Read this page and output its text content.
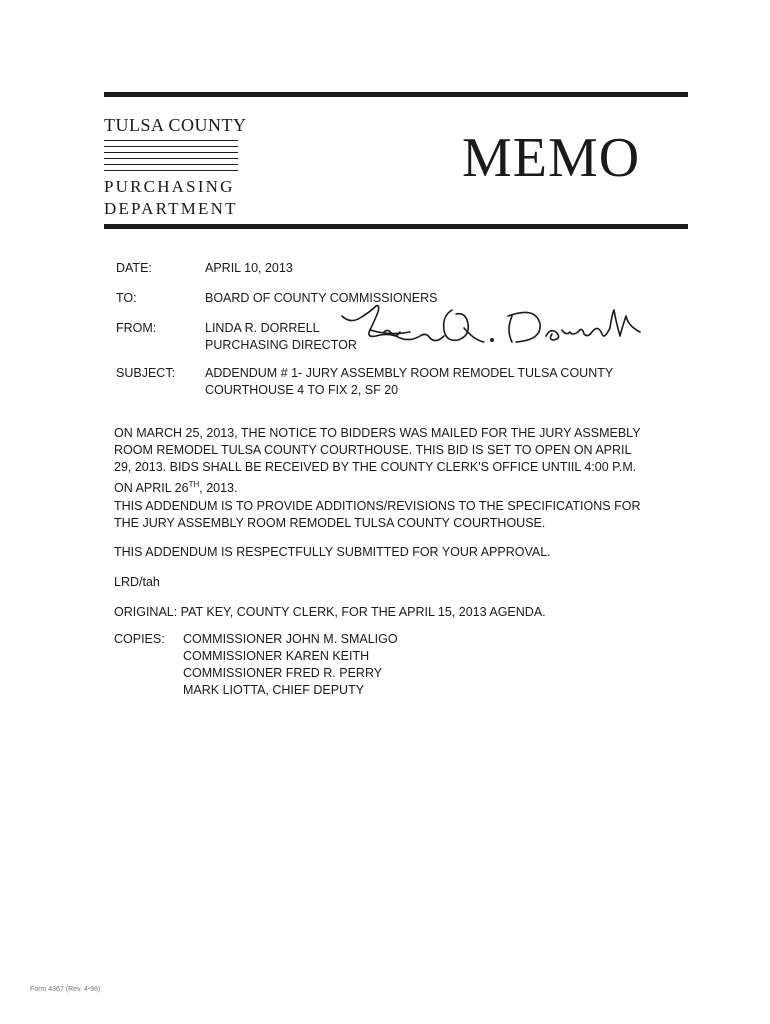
TULSA COUNTY
PURCHASING
DEPARTMENT
MEMO
DATE:	APRIL 10, 2013
TO:	BOARD OF COUNTY COMMISSIONERS
FROM:	LINDA R. DORRELL
PURCHASING DIRECTOR
SUBJECT: ADDENDUM # 1- JURY ASSEMBLY ROOM REMODEL TULSA COUNTY
COURTHOUSE 4 TO FIX 2, SF 20
ON MARCH 25, 2013, THE NOTICE TO BIDDERS WAS MAILED FOR THE JURY ASSMEBLY
ROOM REMODEL TULSA COUNTY COURTHOUSE. THIS BID IS SET TO OPEN ON APRIL
29, 2013. BIDS SHALL BE RECEIVED BY THE COUNTY CLERK'S OFFICE UNTIIL 4:00 P.M.
ON APRIL 26TH, 2013.
THIS ADDENDUM IS TO PROVIDE ADDITIONS/REVISIONS TO THE SPECIFICATIONS FOR
THE JURY ASSEMBLY ROOM REMODEL TULSA COUNTY COURTHOUSE.
THIS ADDENDUM IS RESPECTFULLY SUBMITTED FOR YOUR APPROVAL.
LRD/tah
ORIGINAL: PAT KEY, COUNTY CLERK, FOR THE APRIL 15, 2013 AGENDA.
COPIES: COMMISSIONER JOHN M. SMALIGO
COMMISSIONER KAREN KEITH
COMMISSIONER FRED R. PERRY
MARK LIOTTA, CHIEF DEPUTY
Form 4367 (Rev. 4-98)
